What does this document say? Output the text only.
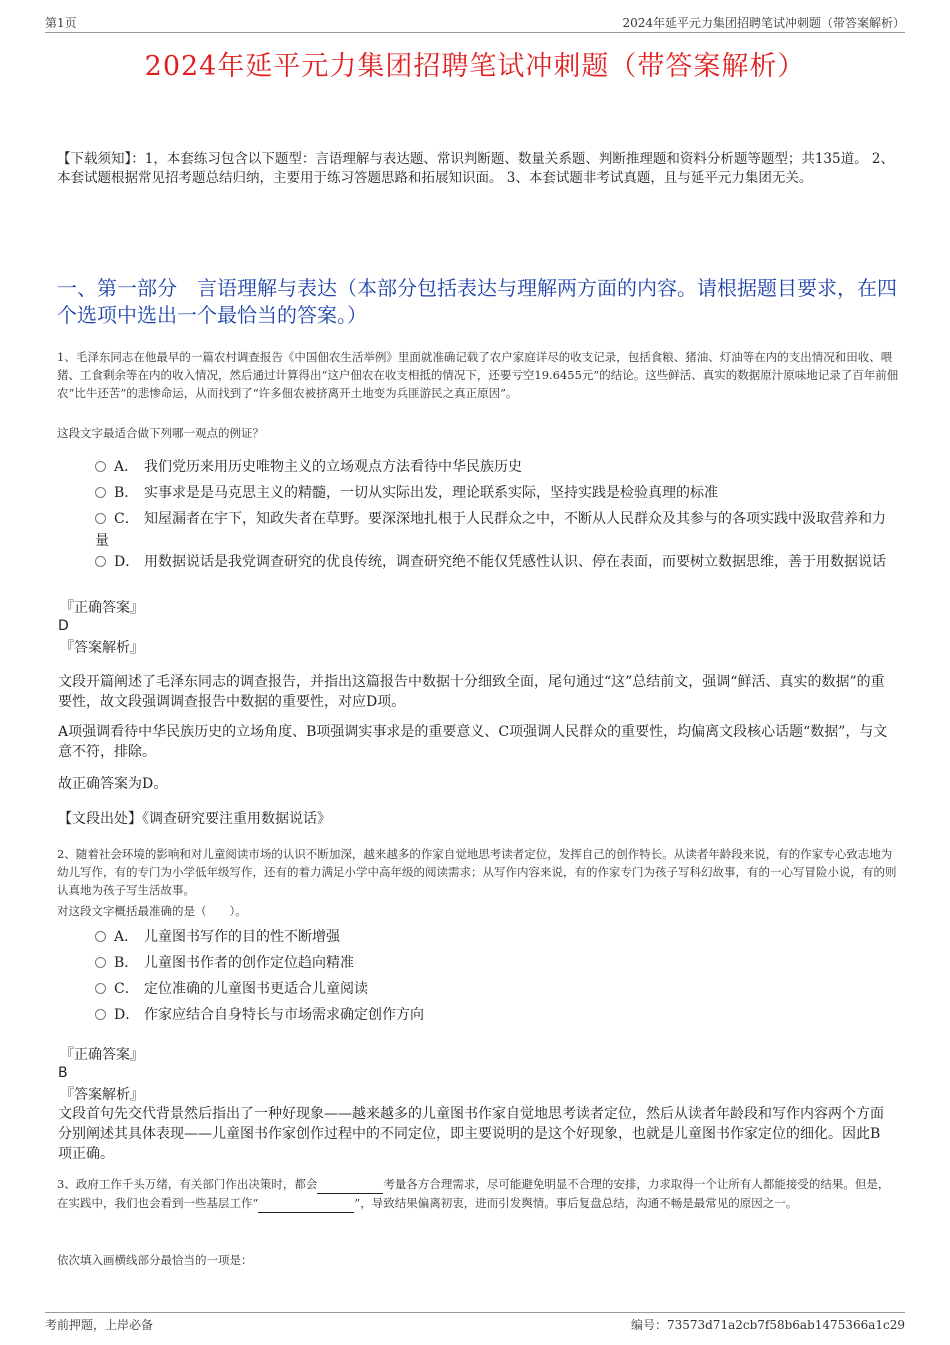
第1页	2024年延平元力集团招聘笔试冲刺题（带答案解析）
2024年延平元力集团招聘笔试冲刺题（带答案解析）
【下载须知】：1，本套练习包含以下题型：言语理解与表达题、常识判断题、数量关系题、判断推理题和资料分析题等题型；共135道。 2、本套试题根据常见招考题总结归纳，主要用于练习答题思路和拓展知识面。 3、本套试题非考试真题，且与延平元力集团无关。
一、第一部分　言语理解与表达（本部分包括表达与理解两方面的内容。请根据题目要求，在四个选项中选出一个最恰当的答案。）
1、毛泽东同志在他最早的一篇农村调查报告《中国佃农生活举例》里面就准确记载了农户家庭详尽的收支记录，包括食粮、猪油、灯油等在内的支出情况和田收、喂猪、工食剩余等在内的收入情况，然后通过计算得出“这户佃农在收支相抵的情况下，还要亏空19.6455元”的结论。这些鲜活、真实的数据原汁原味地记录了百年前佃农“比牛还苦”的悲惨命运，从而找到了“许多佃农被挤离开土地变为兵匪游民之真正原因”。
这段文字最适合做下列哪一观点的例证？
A． 我们党历来用历史唯物主义的立场观点方法看待中华民族历史
B． 实事求是是马克思主义的精髓，一切从实际出发，理论联系实际，坚持实践是检验真理的标准
C． 知屋漏者在宇下，知政失者在草野。要深深地扎根于人民群众之中，不断从人民群众及其参与的各项实践中汲取营养和力量
D． 用数据说话是我党调查研究的优良传统，调查研究绝不能仅凭感性认识、停在表面，而要树立数据思维，善于用数据说话
『正确答案』
D
『答案解析』
文段开篇阐述了毛泽东同志的调查报告，并指出这篇报告中数据十分细致全面，尾句通过“这”总结前文，强调“鲜活、真实的数据”的重要性，故文段强调调查报告中数据的重要性，对应D项。
A项强调看待中华民族历史的立场角度、B项强调实事求是的重要意义、C项强调人民群众的重要性，均偏离文段核心话题“数据”，与文意不符，排除。
故正确答案为D。
【文段出处】《调查研究要注重用数据说话》
2、随着社会环境的影响和对儿童阅读市场的认识不断加深，越来越多的作家自觉地思考读者定位，发挥自己的创作特长。从读者年龄段来说，有的作家专心致志地为幼儿写作，有的专门为小学低年级写作，还有的着力满足小学中高年级的阅读需求；从写作内容来说，有的作家专门为孩子写科幻故事，有的一心写冒险小说，有的则认真地为孩子写生活故事。
对这段文字概括最准确的是（　　）。
A． 儿童图书写作的目的性不断增强
B． 儿童图书作者的创作定位趋向精准
C． 定位准确的儿童图书更适合儿童阅读
D． 作家应结合自身特长与市场需求确定创作方向
『正确答案』
B
『答案解析』
文段首句先交代背景然后指出了一种好现象——越来越多的儿童图书作家自觉地思考读者定位，然后从读者年龄段和写作内容两个方面分别阐述其具体表现——儿童图书作家创作过程中的不同定位，即主要说明的是这个好现象，也就是儿童图书作家定位的细化。因此B项正确。
3、政府工作千头万绪，有关部门作出决策时，都会	考量各方合理需求，尽可能避免明显不合理的安排，力求取得一个让所有人都能接受的结果。但是，在实践中，我们也会看到一些基层工作“	”，导致结果偏离初衷，进而引发舆情。事后复盘总结，沟通不畅是最常见的原因之一。
依次填入画横线部分最恰当的一项是：
考前押题，上岸必备	编号：73573d71a2cb7f58b6ab1475366a1c29
